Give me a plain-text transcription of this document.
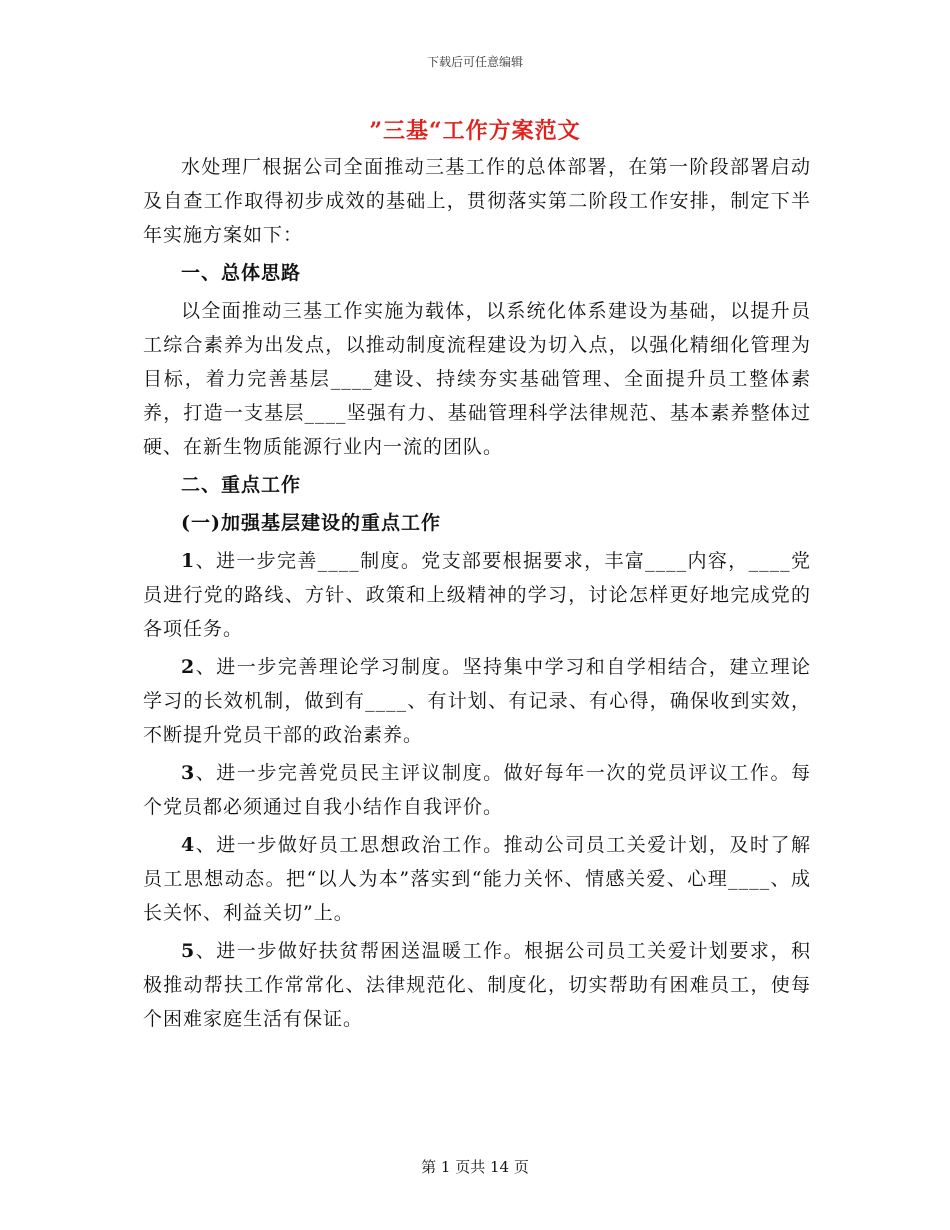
下载后可任意编辑
”三基“工作方案范文

水处理厂根据公司全面推动三基工作的总体部署，在第一阶段部署启动及自查工作取得初步成效的基础上，贯彻落实第二阶段工作安排，制定下半年实施方案如下：

一、总体思路

以全面推动三基工作实施为载体，以系统化体系建设为基础，以提升员工综合素养为出发点，以推动制度流程建设为切入点，以强化精细化管理为目标，着力完善基层____建设、持续夯实基础管理、全面提升员工整体素养，打造一支基层____坚强有力、基础管理科学法律规范、基本素养整体过硬、在新生物质能源行业内一流的团队。

二、重点工作

(一)加强基层建设的重点工作

1、进一步完善____制度。党支部要根据要求，丰富____内容，____党员进行党的路线、方针、政策和上级精神的学习，讨论怎样更好地完成党的各项任务。

2、进一步完善理论学习制度。坚持集中学习和自学相结合，建立理论学习的长效机制，做到有____、有计划、有记录、有心得，确保收到实效，不断提升党员干部的政治素养。

3、进一步完善党员民主评议制度。做好每年一次的党员评议工作。每个党员都必须通过自我小结作自我评价。

4、进一步做好员工思想政治工作。推动公司员工关爱计划，及时了解员工思想动态。把“以人为本”落实到“能力关怀、情感关爱、心理____、成长关怀、利益关切”上。

5、进一步做好扶贫帮困送温暖工作。根据公司员工关爱计划要求，积极推动帮扶工作常常化、法律规范化、制度化，切实帮助有困难员工，使每个困难家庭生活有保证。

第 1 页共 14 页
